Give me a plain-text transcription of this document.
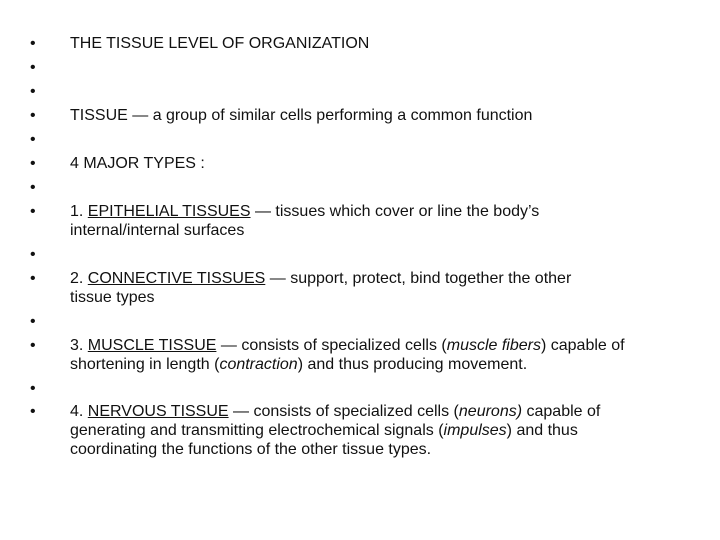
•	THE TISSUE LEVEL OF ORGANIZATION
•
•
•	TISSUE — a group of similar cells performing a common function
•
•	4 MAJOR TYPES :
•
•	1. EPITHELIAL TISSUES — tissues which cover or line the body’s
internal/internal surfaces
•
•	2. CONNECTIVE TISSUES — support, protect, bind together the other
tissue types
•
•	3. MUSCLE TISSUE — consists of specialized cells (muscle fibers) capable of
shortening in length (contraction) and thus producing movement.
•
•	4. NERVOUS TISSUE — consists of specialized cells (neurons) capable of
generating and transmitting electrochemical signals (impulses) and thus
coordinating the functions of the other tissue types.
